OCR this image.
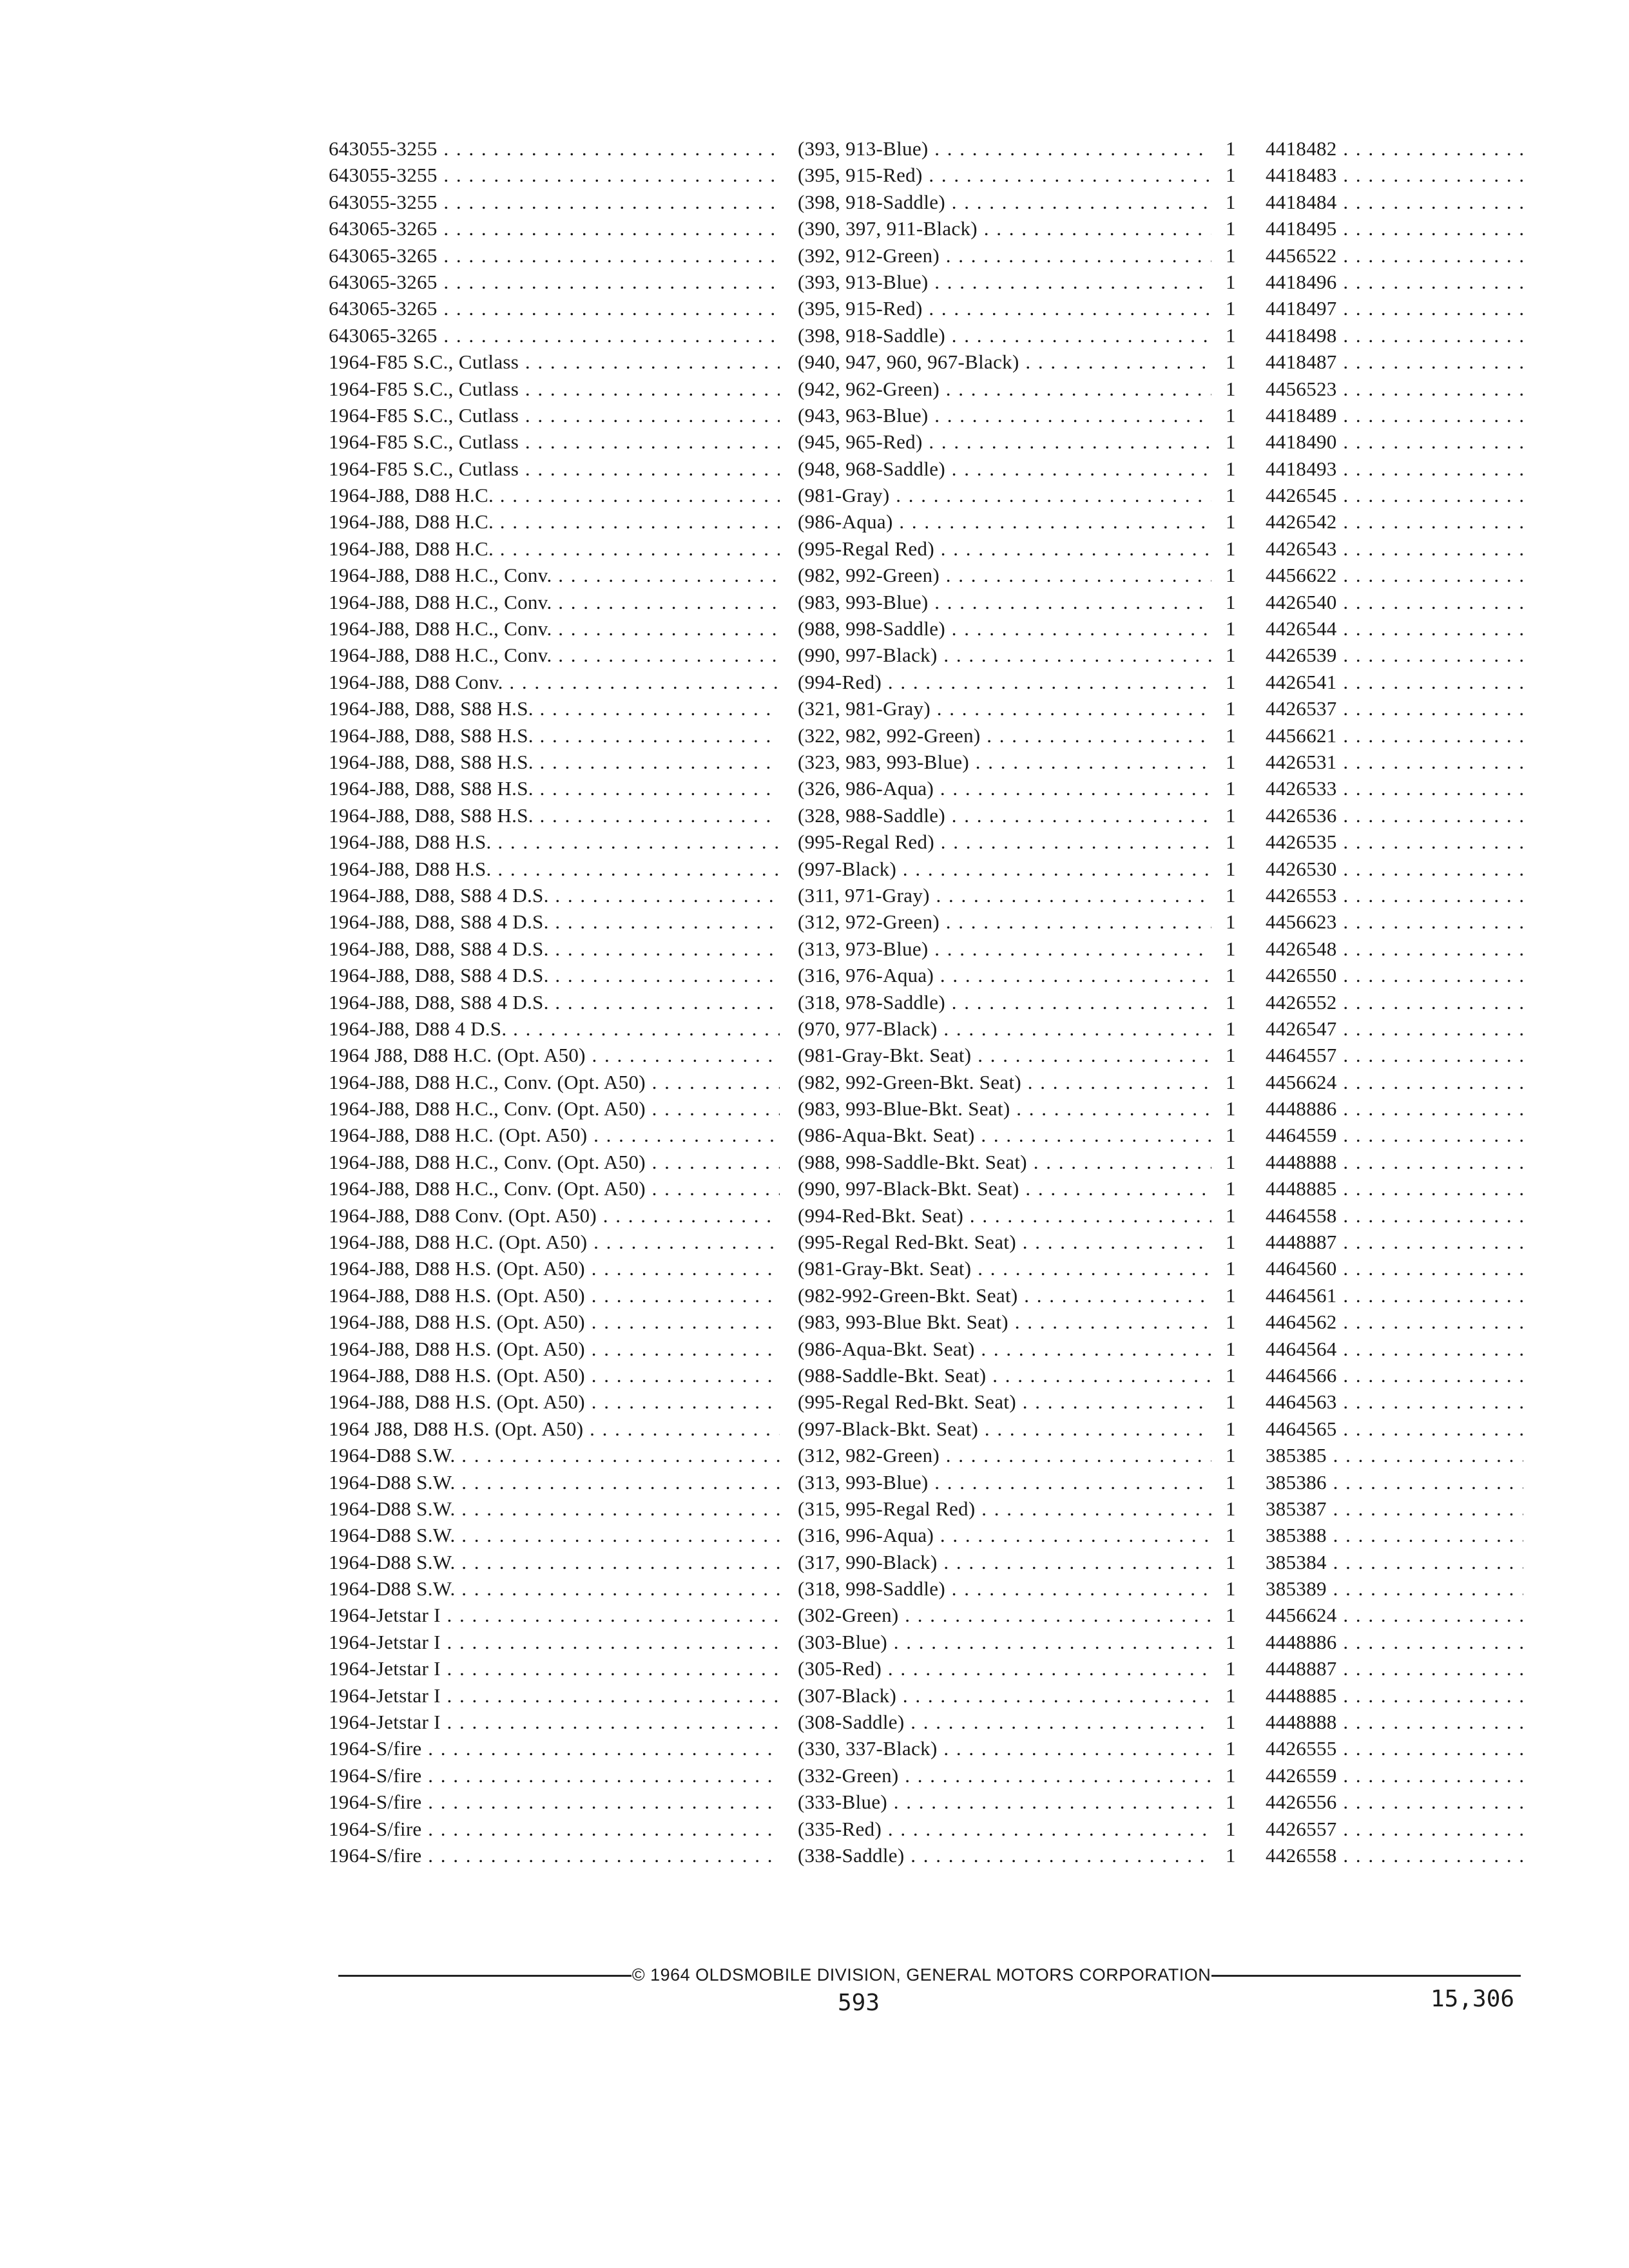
643055-3255 . . .	(393, 913-Blue) . . .	1	4418482 . . .
643055-3255 . . .	(395, 915-Red) . . .	1	4418483 . . .
643055-3255 . . .	(398, 918-Saddle) . . .	1	4418484 . . .
643065-3265 . . .	(390, 397, 911-Black) . . .	1	4418495 . . .
643065-3265 . . .	(392, 912-Green) . . .	1	4456522 . . .
643065-3265 . . .	(393, 913-Blue) . . .	1	4418496 . . .
643065-3265 . . .	(395, 915-Red) . . .	1	4418497 . . .
643065-3265 . . .	(398, 918-Saddle) . . .	1	4418498 . . .
1964-F85 S.C., Cutlass . . .	(940, 947, 960, 967-Black) . . .	1	4418487 . . .
1964-F85 S.C., Cutlass . . .	(942, 962-Green) . . .	1	4456523 . . .
1964-F85 S.C., Cutlass . . .	(943, 963-Blue) . . .	1	4418489 . . .
1964-F85 S.C., Cutlass . . .	(945, 965-Red) . . .	1	4418490 . . .
1964-F85 S.C., Cutlass . . .	(948, 968-Saddle) . . .	1	4418493 . . .
1964-J88, D88 H.C. . . .	(981-Gray) . . .	1	4426545 . . .
1964-J88, D88 H.C. . . .	(986-Aqua) . . .	1	4426542 . . .
1964-J88, D88 H.C. . . .	(995-Regal Red) . . .	1	4426543 . . .
1964-J88, D88 H.C., Conv. . . .	(982, 992-Green) . . .	1	4456622 . . .
1964-J88, D88 H.C., Conv. . . .	(983, 993-Blue) . . .	1	4426540 . . .
1964-J88, D88 H.C., Conv. . . .	(988, 998-Saddle) . . .	1	4426544 . . .
1964-J88, D88 H.C., Conv. . . .	(990, 997-Black) . . .	1	4426539 . . .
1964-J88, D88 Conv. . . .	(994-Red) . . .	1	4426541 . . .
1964-J88, D88, S88 H.S. . . .	(321, 981-Gray) . . .	1	4426537 . . .
1964-J88, D88, S88 H.S. . . .	(322, 982, 992-Green) . . .	1	4456621 . . .
1964-J88, D88, S88 H.S. . . .	(323, 983, 993-Blue) . . .	1	4426531 . . .
1964-J88, D88, S88 H.S. . . .	(326, 986-Aqua) . . .	1	4426533 . . .
1964-J88, D88, S88 H.S. . . .	(328, 988-Saddle) . . .	1	4426536 . . .
1964-J88, D88 H.S. . . .	(995-Regal Red) . . .	1	4426535 . . .
1964-J88, D88 H.S. . . .	(997-Black) . . .	1	4426530 . . .
1964-J88, D88, S88 4 D.S. . . .	(311, 971-Gray) . . .	1	4426553 . . .
1964-J88, D88, S88 4 D.S. . . .	(312, 972-Green) . . .	1	4456623 . . .
1964-J88, D88, S88 4 D.S. . . .	(313, 973-Blue) . . .	1	4426548 . . .
1964-J88, D88, S88 4 D.S. . . .	(316, 976-Aqua) . . .	1	4426550 . . .
1964-J88, D88, S88 4 D.S. . . .	(318, 978-Saddle) . . .	1	4426552 . . .
1964-J88, D88 4 D.S. . . .	(970, 977-Black) . . .	1	4426547 . . .
1964 J88, D88 H.C. (Opt. A50) . . .	(981-Gray-Bkt. Seat) . . .	1	4464557 . . .
1964-J88, D88 H.C., Conv. (Opt. A50) . . .	(982, 992-Green-Bkt. Seat) . . .	1	4456624 . . .
1964-J88, D88 H.C., Conv. (Opt. A50) . . .	(983, 993-Blue-Bkt. Seat) . . .	1	4448886 . . .
1964-J88, D88 H.C. (Opt. A50) . . .	(986-Aqua-Bkt. Seat) . . .	1	4464559 . . .
1964-J88, D88 H.C., Conv. (Opt. A50) . . .	(988, 998-Saddle-Bkt. Seat) . . .	1	4448888 . . .
1964-J88, D88 H.C., Conv. (Opt. A50) . . .	(990, 997-Black-Bkt. Seat) . . .	1	4448885 . . .
1964-J88, D88 Conv. (Opt. A50) . . .	(994-Red-Bkt. Seat) . . .	1	4464558 . . .
1964-J88, D88 H.C. (Opt. A50) . . .	(995-Regal Red-Bkt. Seat) . . .	1	4448887 . . .
1964-J88, D88 H.S. (Opt. A50) . . .	(981-Gray-Bkt. Seat) . . .	1	4464560 . . .
1964-J88, D88 H.S. (Opt. A50) . . .	(982-992-Green-Bkt. Seat) . . .	1	4464561 . . .
1964-J88, D88 H.S. (Opt. A50) . . .	(983, 993-Blue Bkt. Seat) . . .	1	4464562 . . .
1964-J88, D88 H.S. (Opt. A50) . . .	(986-Aqua-Bkt. Seat) . . .	1	4464564 . . .
1964-J88, D88 H.S. (Opt. A50) . . .	(988-Saddle-Bkt. Seat) . . .	1	4464566 . . .
1964-J88, D88 H.S. (Opt. A50) . . .	(995-Regal Red-Bkt. Seat) . . .	1	4464563 . . .
1964 J88, D88 H.S. (Opt. A50) . . .	(997-Black-Bkt. Seat) . . .	1	4464565 . . .
1964-D88 S.W. . . .	(312, 982-Green) . . .	1	385385 . . .
1964-D88 S.W. . . .	(313, 993-Blue) . . .	1	385386 . . .
1964-D88 S.W. . . .	(315, 995-Regal Red) . . .	1	385387 . . .
1964-D88 S.W. . . .	(316, 996-Aqua) . . .	1	385388 . . .
1964-D88 S.W. . . .	(317, 990-Black) . . .	1	385384 . . .
1964-D88 S.W. . . .	(318, 998-Saddle) . . .	1	385389 . . .
1964-Jetstar I . . .	(302-Green) . . .	1	4456624 . . .
1964-Jetstar I . . .	(303-Blue) . . .	1	4448886 . . .
1964-Jetstar I . . .	(305-Red) . . .	1	4448887 . . .
1964-Jetstar I . . .	(307-Black) . . .	1	4448885 . . .
1964-Jetstar I . . .	(308-Saddle) . . .	1	4448888 . . .
1964-S/fire . . .	(330, 337-Black) . . .	1	4426555 . . .
1964-S/fire . . .	(332-Green) . . .	1	4426559 . . .
1964-S/fire . . .	(333-Blue) . . .	1	4426556 . . .
1964-S/fire . . .	(335-Red) . . .	1	4426557 . . .
1964-S/fire . . .	(338-Saddle) . . .	1	4426558 . . .
© 1964 OLDSMOBILE DIVISION, GENERAL MOTORS CORPORATION
593	15,306
